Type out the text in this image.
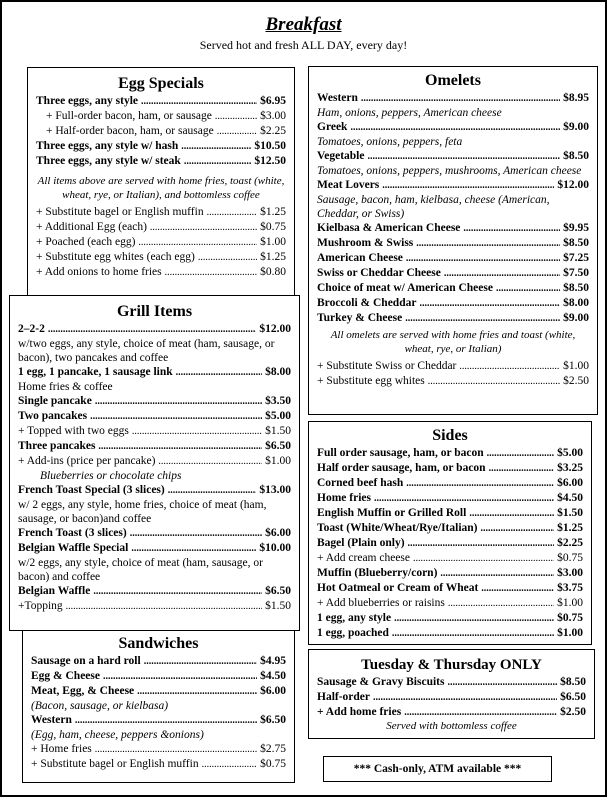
Breakfast
Served hot and fresh ALL DAY, every day!
Egg Specials
Three eggs, any style .....	$6.95
+ Full-order bacon, ham, or sausage .....	$3.00
+ Half-order bacon, ham, or sausage .....	$2.25
Three eggs, any style w/ hash .....	$10.50
Three eggs, any style w/ steak .....	$12.50
All items above are served with home fries, toast (white, wheat, rye, or Italian), and bottomless coffee
+ Substitute bagel or English muffin .....	$1.25
+ Additional Egg (each) .....	$0.75
+ Poached (each egg) .....	$1.00
+ Substitute egg whites (each egg) .....	$1.25
+ Add onions to home fries .....	$0.80
Omelets
Western .....	$8.95
Ham, onions, peppers, American cheese
Greek .....	$9.00
Tomatoes, onions, peppers, feta
Vegetable .....	$8.50
Tomatoes, onions, peppers, mushrooms, American cheese
Meat Lovers .....	$12.00
Sausage, bacon, ham, kielbasa, cheese (American, Cheddar, or Swiss)
Kielbasa & American Cheese .....	$9.95
Mushroom & Swiss .....	$8.50
American Cheese .....	$7.25
Swiss or Cheddar Cheese .....	$7.50
Choice of meat w/ American Cheese .....	$8.50
Broccoli & Cheddar .....	$8.00
Turkey & Cheese .....	$9.00
All omelets are served with home fries and toast (white, wheat, rye, or Italian)
+ Substitute Swiss or Cheddar .....	$1.00
+ Substitute egg whites .....	$2.50
Grill Items
2–2-2 .....	$12.00
w/two eggs, any style, choice of meat (ham, sausage, or bacon), two pancakes and coffee
1 egg, 1 pancake, 1 sausage link .....	$8.00
Home fries & coffee
Single pancake .....	$3.50
Two pancakes .....	$5.00
+ Topped with two eggs .....	$1.50
Three pancakes .....	$6.50
+ Add-ins (price per pancake) .....	$1.00
Blueberries or chocolate chips
French Toast Special (3 slices) .....	$13.00
w/ 2 eggs, any style, home fries, choice of meat (ham, sausage, or bacon)and coffee
French Toast (3 slices) .....	$6.00
Belgian Waffle Special .....	$10.00
w/2 eggs, any style, choice of meat (ham, sausage, or bacon) and coffee
Belgian Waffle .....	$6.50
+Topping .....	$1.50
Sides
Full order sausage, ham, or bacon .....	$5.00
Half order sausage, ham, or bacon .....	$3.25
Corned beef hash .....	$6.00
Home fries .....	$4.50
English Muffin or Grilled Roll .....	$1.50
Toast (White/Wheat/Rye/Italian) .....	$1.25
Bagel (Plain only) .....	$2.25
+ Add cream cheese .....	$0.75
Muffin (Blueberry/corn) .....	$3.00
Hot Oatmeal or Cream of Wheat .....	$3.75
+ Add blueberries or raisins .....	$1.00
1 egg, any style .....	$0.75
1 egg, poached .....	$1.00
Sandwiches
Sausage on a hard roll .....	$4.95
Egg & Cheese .....	$4.50
Meat, Egg, & Cheese .....	$6.00
(Bacon, sausage, or kielbasa)
Western .....	$6.50
(Egg, ham, cheese, peppers &onions)
+ Home fries .....	$2.75
+ Substitute bagel or English muffin .....	$0.75
Tuesday & Thursday ONLY
Sausage & Gravy Biscuits .....	$8.50
Half-order .....	$6.50
+ Add home fries .....	$2.50
Served with bottomless coffee
*** Cash-only, ATM available ***
